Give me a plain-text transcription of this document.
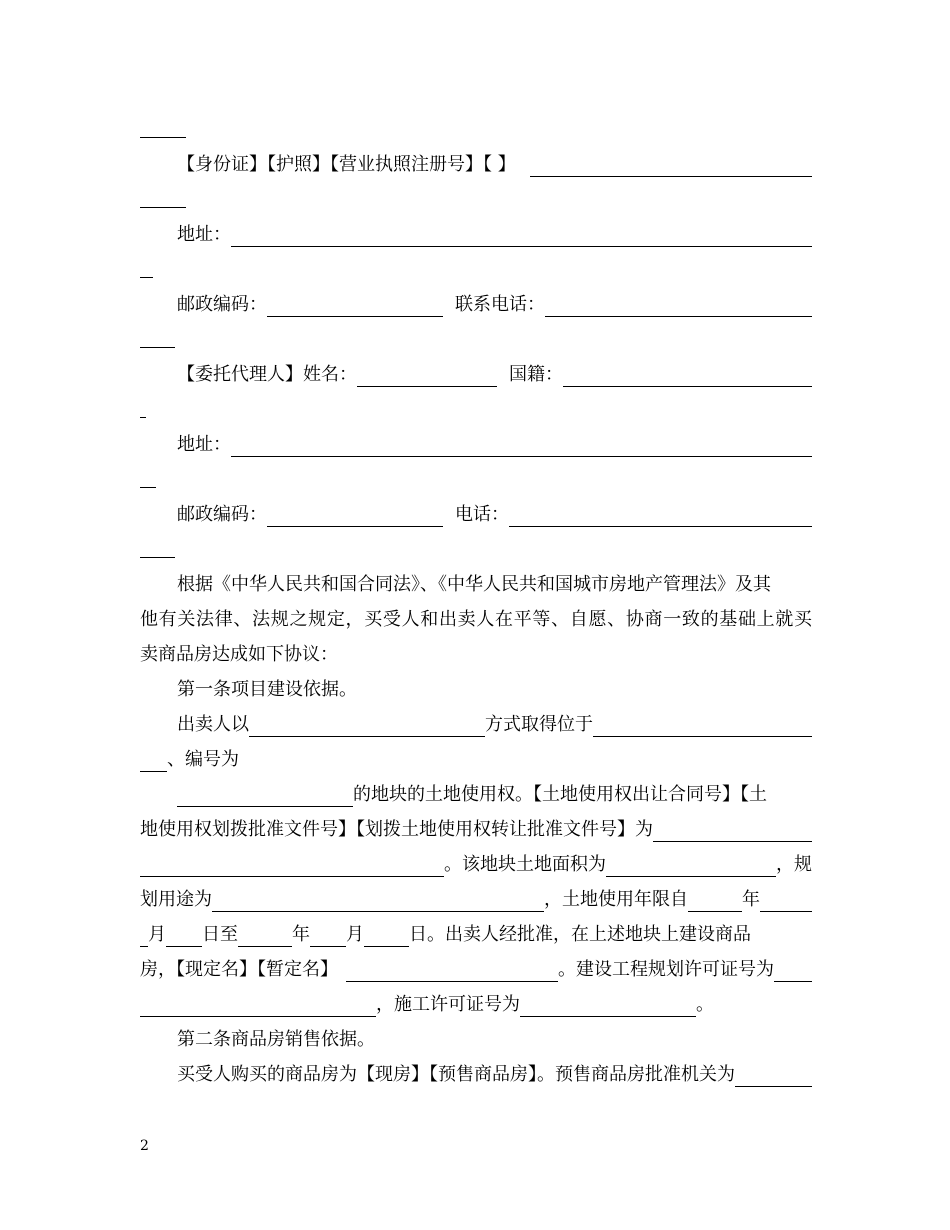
【身份证】【护照】【营业执照注册号】【 】
地址：
邮政编码：	联系电话：
【委托代理人】姓名：	国籍：
地址：
邮政编码：	电话：
根据《中华人民共和国合同法》、《中华人民共和国城市房地产管理法》及其
他有关法律、法规之规定，买受人和出卖人在平等、自愿、协商一致的基础上就买
卖商品房达成如下协议：
第一条项目建设依据。
出卖人以	方式取得位于
、编号为
的地块的土地使用权。【土地使用权出让合同号】【土
地使用权划拨批准文件号】【划拨土地使用权转让批准文件号】为
。该地块土地面积为	，规
划用途为	，土地使用年限自	年
月 日至	年 月	日。出卖人经批准，在上述地块上建设商品
房，【现定名】【暂定名】	。建设工程规划许可证号为
，施工许可证号为	。
第二条商品房销售依据。
买受人购买的商品房为【现房】【预售商品房】。预售商品房批准机关为
2
